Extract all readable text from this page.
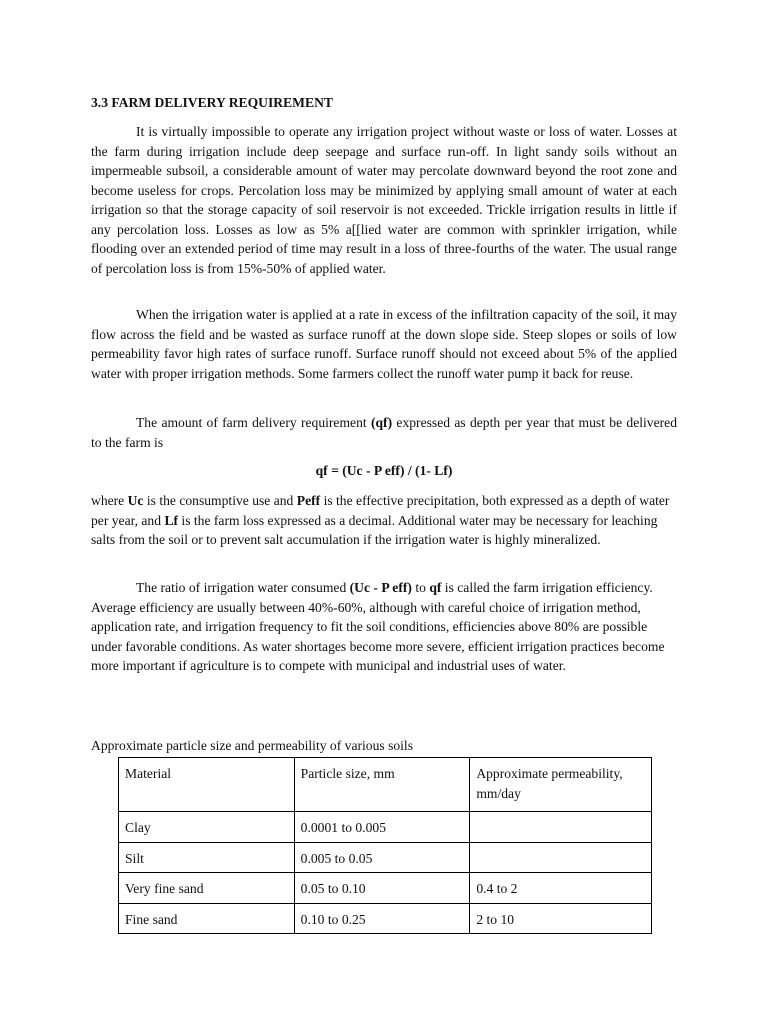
3.3 FARM DELIVERY REQUIREMENT

It is virtually impossible to operate any irrigation project without waste or loss of water. Losses at the farm during irrigation include deep seepage and surface run-off. In light sandy soils without an impermeable subsoil, a considerable amount of water may percolate downward beyond the root zone and become useless for crops. Percolation loss may be minimized by applying small amount of water at each irrigation so that the storage capacity of soil reservoir is not exceeded. Trickle irrigation results in little if any percolation loss. Losses as low as 5% a[[lied water are common with sprinkler irrigation, while flooding over an extended period of time may result in a loss of three-fourths of the water. The usual range of percolation loss is from 15%-50% of applied water.

When the irrigation water is applied at a rate in excess of the infiltration capacity of the soil, it may flow across the field and be wasted as surface runoff at the down slope side. Steep slopes or soils of low permeability favor high rates of surface runoff. Surface runoff should not exceed about 5% of the applied water with proper irrigation methods. Some farmers collect the runoff water pump it back for reuse.

The amount of farm delivery requirement (qf) expressed as depth per year that must be delivered to the farm is

qf = (Uc - P eff) / (1- Lf)

where Uc is the consumptive use and Peff is the effective precipitation, both expressed as a depth of water per year, and Lf is the farm loss expressed as a decimal. Additional water may be necessary for leaching salts from the soil or to prevent salt accumulation if the irrigation water is highly mineralized.

The ratio of irrigation water consumed (Uc - P eff) to qf is called the farm irrigation efficiency. Average efficiency are usually between 40%-60%, although with careful choice of irrigation method, application rate, and irrigation frequency to fit the soil conditions, efficiencies above 80% are possible under favorable conditions. As water shortages become more severe, efficient irrigation practices become more important if agriculture is to compete with municipal and industrial uses of water.

Approximate particle size and permeability of various soils

Material	Particle size, mm	Approximate permeability, mm/day
Clay	0.0001 to 0.005	
Silt	0.005 to 0.05	
Very fine sand	0.05 to 0.10	0.4 to 2
Fine sand	0.10 to 0.25	2 to 10
